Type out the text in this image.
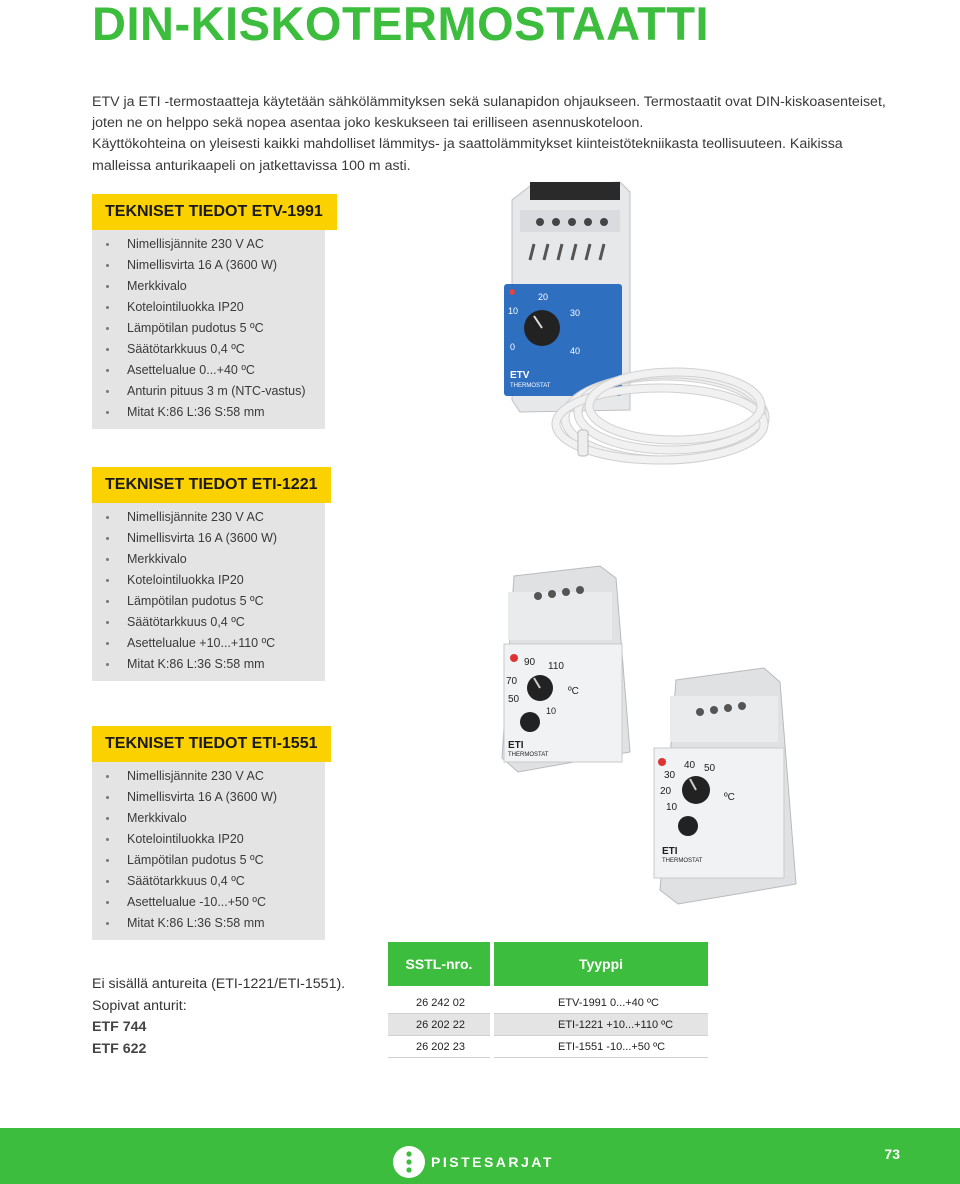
DIN-KISKOTERMOSTAATTI

ETV ja ETI -termostaatteja käytetään sähkölämmityksen sekä sulanapidon ohjaukseen. Termostaatit ovat DIN-kiskoasenteiset, joten ne on helppo sekä nopea asentaa joko keskukseen tai erilliseen asennuskoteloon.

Käyttökohteina on yleisesti kaikki mahdolliset lämmitys- ja saattolämmitykset kiinteistötekniikasta teollisuuteen. Kaikissa malleissa anturikaapeli on jatkettavissa 100 m asti.

TEKNISET TIEDOT ETV-1991
Nimellisjännite 230 V AC
Nimellisvirta 16 A (3600 W)
Merkkivalo
Kotelointiluokka IP20
Lämpötilan pudotus 5 ºC
Säätötarkkuus 0,4 ºC
Asettelualue 0...+40 ºC
Anturin pituus 3 m (NTC-vastus)
Mitat K:86 L:36 S:58 mm
TEKNISET TIEDOT ETI-1221
Nimellisjännite 230 V AC
Nimellisvirta 16 A (3600 W)
Merkkivalo
Kotelointiluokka IP20
Lämpötilan pudotus 5 ºC
Säätötarkkuus 0,4 ºC
Asettelualue +10...+110 ºC
Mitat K:86 L:36 S:58 mm
TEKNISET TIEDOT ETI-1551
Nimellisjännite 230 V AC
Nimellisvirta 16 A (3600 W)
Merkkivalo
Kotelointiluokka IP20
Lämpötilan pudotus 5 ºC
Säätötarkkuus 0,4 ºC
Asettelualue -10...+50 ºC
Mitat K:86 L:36 S:58 mm
20
10	30
0	40
ETV
THERMOSTAT
90 110
70
50
10
ºC
ETI
THERMOSTAT
40 50
30
20
10
ºC
ETI
THERMOSTAT
Ei sisällä antureita (ETI-1221/ETI-1551).
Sopivat anturit:
ETF 744
ETF 622
SSTL-nro.	Tyyppi
26 242 02	ETV-1991 0...+40 ºC
26 202 22	ETI-1221 +10...+110 ºC
26 202 23	ETI-1551 -10...+50 ºC
PISTESARJAT	73
